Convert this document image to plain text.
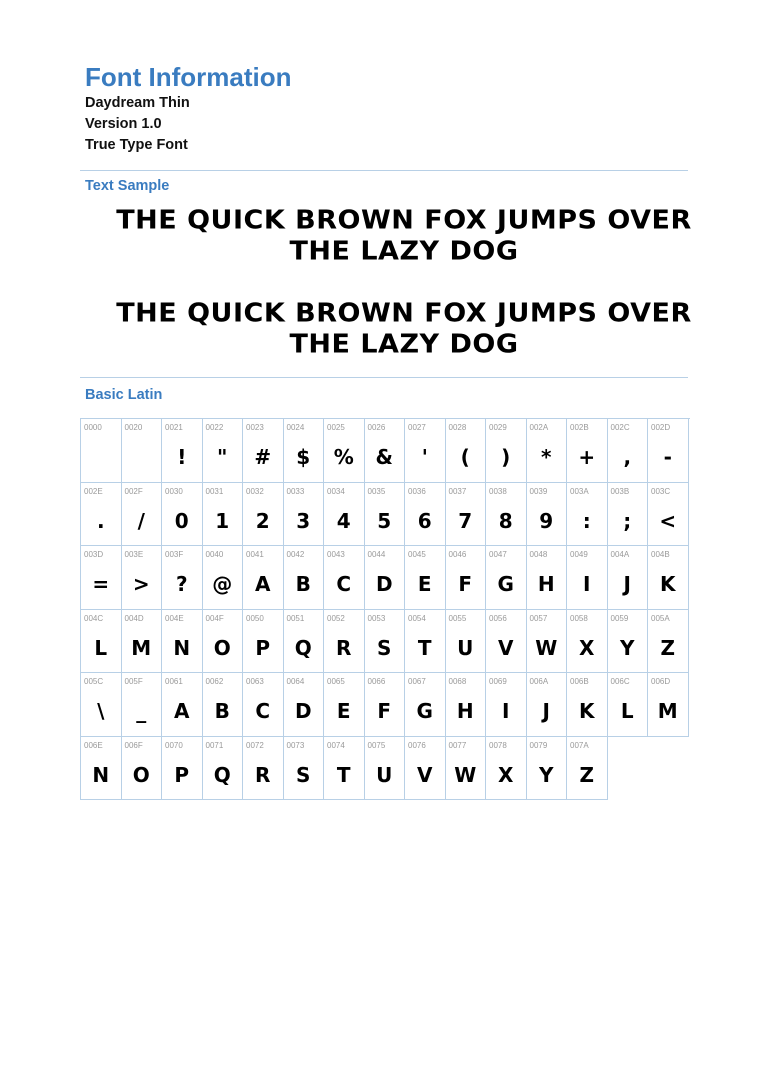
Font Information
Daydream Thin
Version 1.0
True Type Font
Text Sample
THE QUICK BROWN FOX JUMPS OVER
THE LAZY DOG
THE QUICK BROWN FOX JUMPS OVER
THE LAZY DOG
Basic Latin
0000	0020	0021
!
0022
"
0023
#
0024
$
0025
%
0026
&
0027
'
0028
(
0029
)
002A
*
002B
+
002C
,
002D
-
002E
.
002F
/
0030
0
0031
1
0032
2
0033
3
0034
4
0035
5
0036
6
0037
7
0038
8
0039
9
003A
:
003B
;
003C
<
003D
=
003E
>
003F
?
0040
@
0041
A
0042
B
0043
C
0044
D
0045
E
0046
F
0047
G
0048
H
0049
I
004A
J
004B
K
004C
L
004D
M
004E
N
004F
O
0050
P
0051
Q
0052
R
0053
S
0054
T
0055
U
0056
V
0057
W
0058
X
0059
Y
005A
Z
005C
\
005F
_
0061
A
0062
B
0063
C
0064
D
0065
E
0066
F
0067
G
0068
H
0069
I
006A
J
006B
K
006C
L
006D
M
006E
N
006F
O
0070
P
0071
Q
0072
R
0073
S
0074
T
0075
U
0076
V
0077
W
0078
X
0079
Y
007A
Z
